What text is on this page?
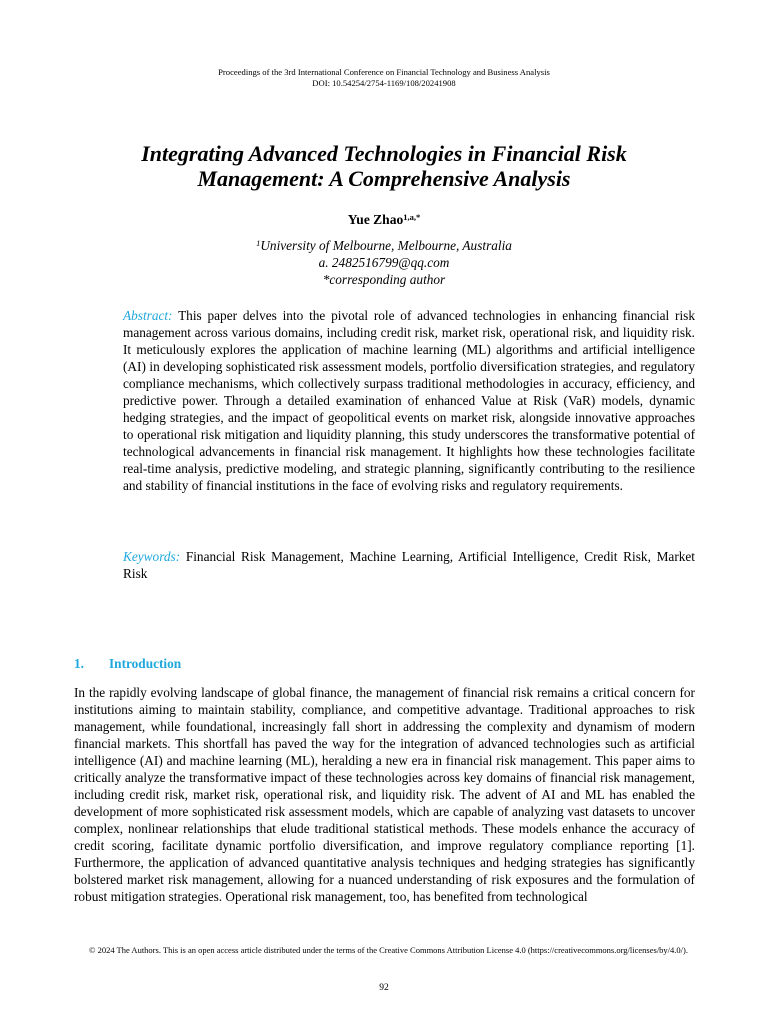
Proceedings of the 3rd International Conference on Financial Technology and Business Analysis
DOI: 10.54254/2754-1169/108/20241908
Integrating Advanced Technologies in Financial Risk
Management: A Comprehensive Analysis
Yue Zhao$^{1,a,*}$
$^1$University of Melbourne, Melbourne, Australia
a. 2482516799@qq.com
*corresponding author
Abstract: This paper delves into the pivotal role of advanced technologies in enhancing financial risk management across various domains, including credit risk, market risk, operational risk, and liquidity risk. It meticulously explores the application of machine learning (ML) algorithms and artificial intelligence (AI) in developing sophisticated risk assessment models, portfolio diversification strategies, and regulatory compliance mechanisms, which collectively surpass traditional methodologies in accuracy, efficiency, and predictive power. Through a detailed examination of enhanced Value at Risk (VaR) models, dynamic hedging strategies, and the impact of geopolitical events on market risk, alongside innovative approaches to operational risk mitigation and liquidity planning, this study underscores the transformative potential of technological advancements in financial risk management. It highlights how these technologies facilitate real-time analysis, predictive modeling, and strategic planning, significantly contributing to the resilience and stability of financial institutions in the face of evolving risks and regulatory requirements.
Keywords: Financial Risk Management, Machine Learning, Artificial Intelligence, Credit Risk, Market Risk
1. Introduction
In the rapidly evolving landscape of global finance, the management of financial risk remains a critical concern for institutions aiming to maintain stability, compliance, and competitive advantage. Traditional approaches to risk management, while foundational, increasingly fall short in addressing the complexity and dynamism of modern financial markets. This shortfall has paved the way for the integration of advanced technologies such as artificial intelligence (AI) and machine learning (ML), heralding a new era in financial risk management. This paper aims to critically analyze the transformative impact of these technologies across key domains of financial risk management, including credit risk, market risk, operational risk, and liquidity risk. The advent of AI and ML has enabled the development of more sophisticated risk assessment models, which are capable of analyzing vast datasets to uncover complex, nonlinear relationships that elude traditional statistical methods. These models enhance the accuracy of credit scoring, facilitate dynamic portfolio diversification, and improve regulatory compliance reporting [1]. Furthermore, the application of advanced quantitative analysis techniques and hedging strategies has significantly bolstered market risk management, allowing for a nuanced understanding of risk exposures and the formulation of robust mitigation strategies. Operational risk management, too, has benefited from technological
© 2024 The Authors. This is an open access article distributed under the terms of the Creative Commons Attribution License 4.0 (https://creativecommons.org/licenses/by/4.0/).
92
